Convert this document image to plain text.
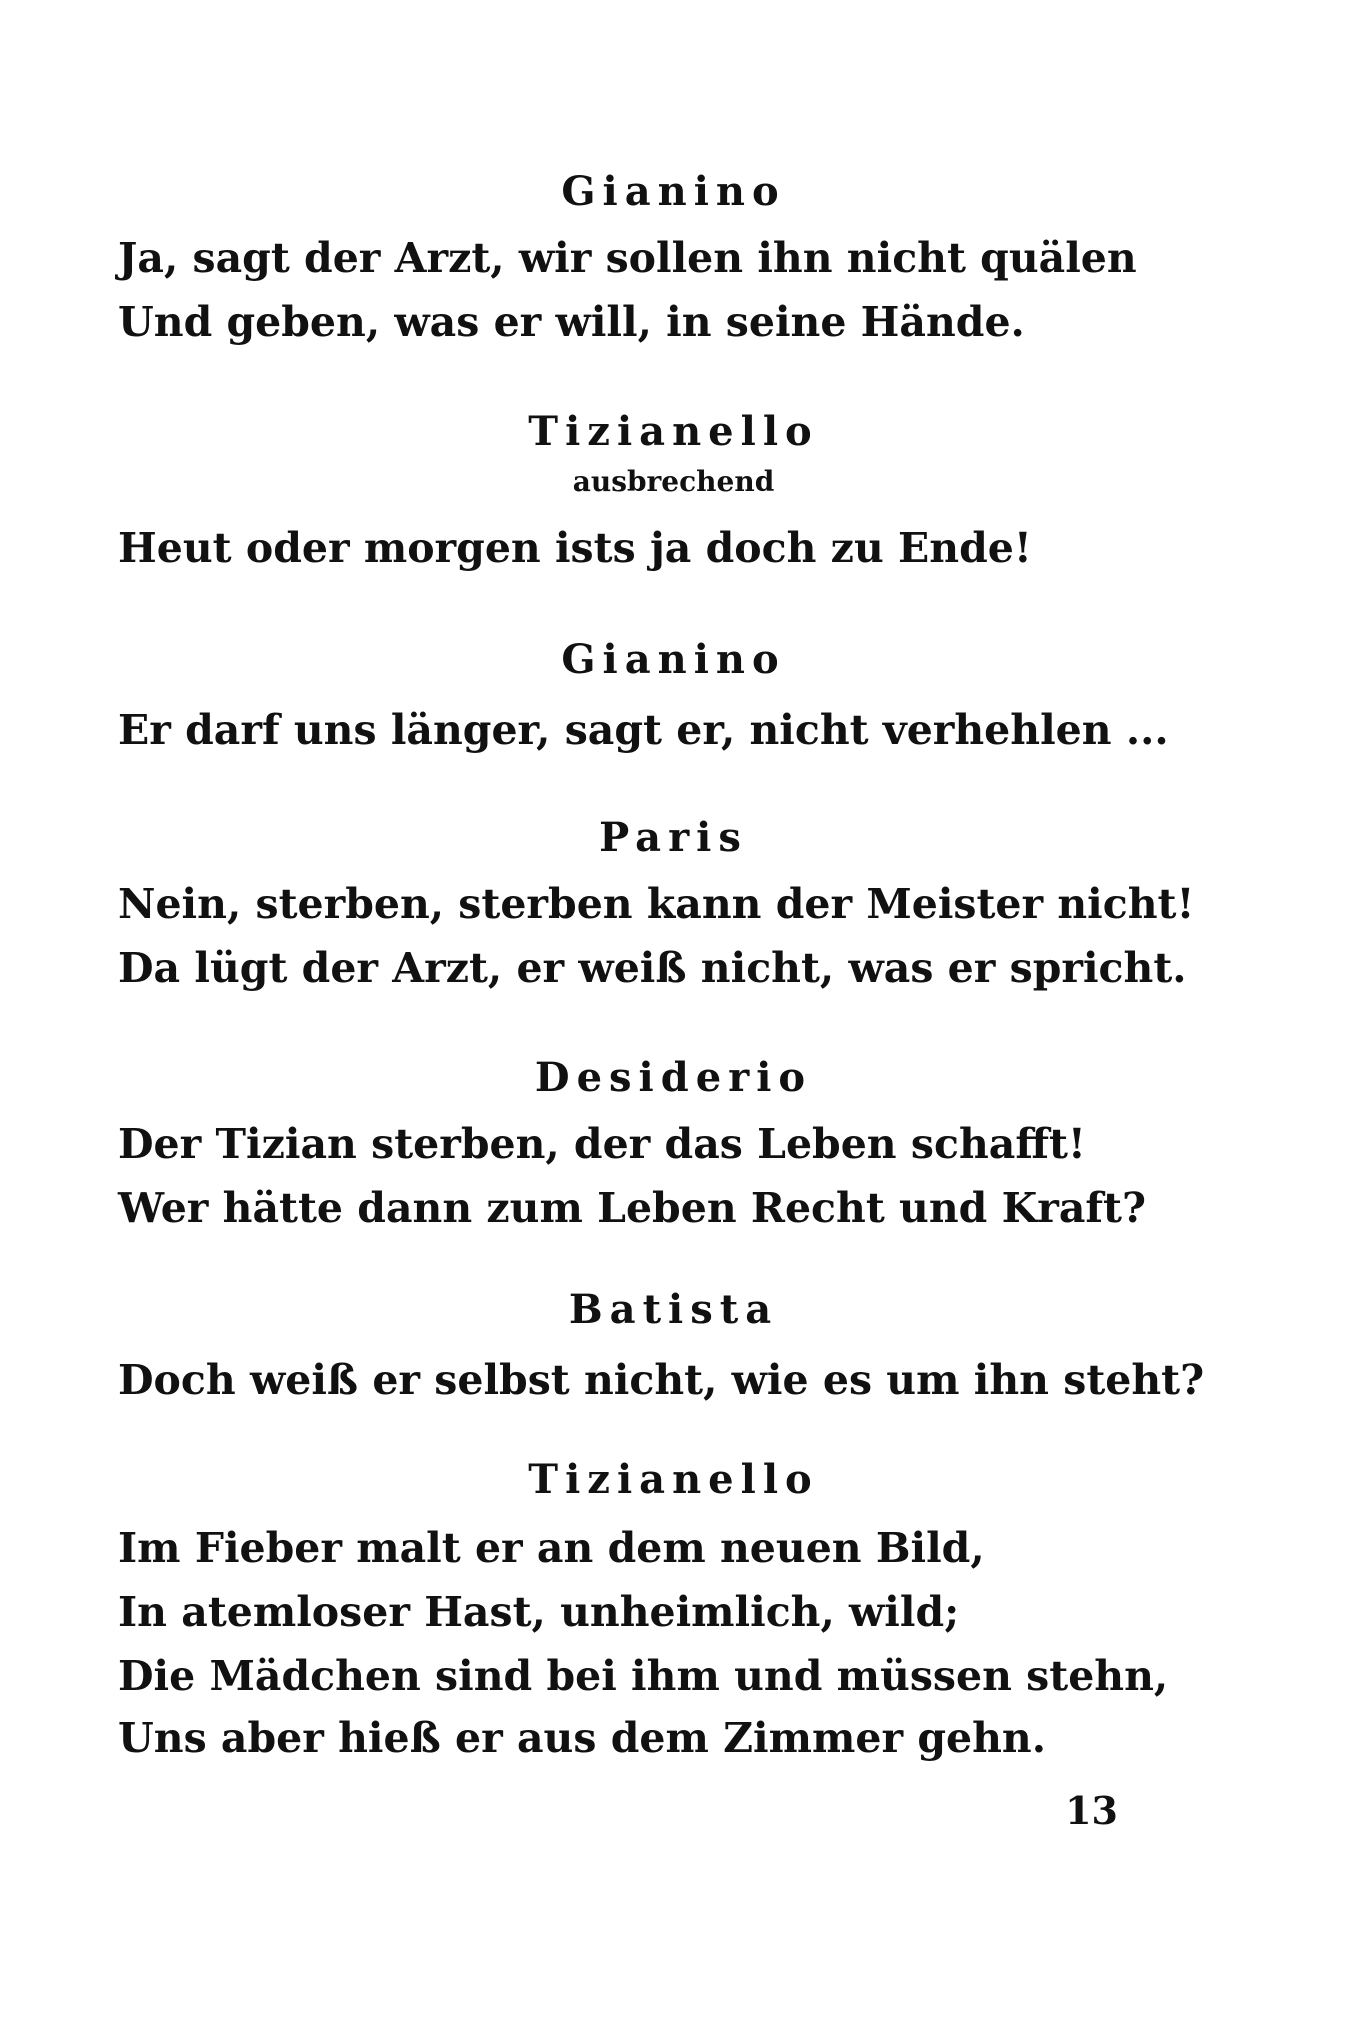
Gianino
Ja, sagt der Arzt, wir sollen ihn nicht quälen
Und geben, was er will, in seine Hände.
Tizianello
ausbrechend
Heut oder morgen ists ja doch zu Ende!
Gianino
Er darf uns länger, sagt er, nicht verhehlen ...
Paris
Nein, sterben, sterben kann der Meister nicht!
Da lügt der Arzt, er weiß nicht, was er spricht.
Desiderio
Der Tizian sterben, der das Leben schafft!
Wer hätte dann zum Leben Recht und Kraft?
Batista
Doch weiß er selbst nicht, wie es um ihn steht?
Tizianello
Im Fieber malt er an dem neuen Bild,
In atemloser Hast, unheimlich, wild;
Die Mädchen sind bei ihm und müssen stehn,
Uns aber hieß er aus dem Zimmer gehn.
13
